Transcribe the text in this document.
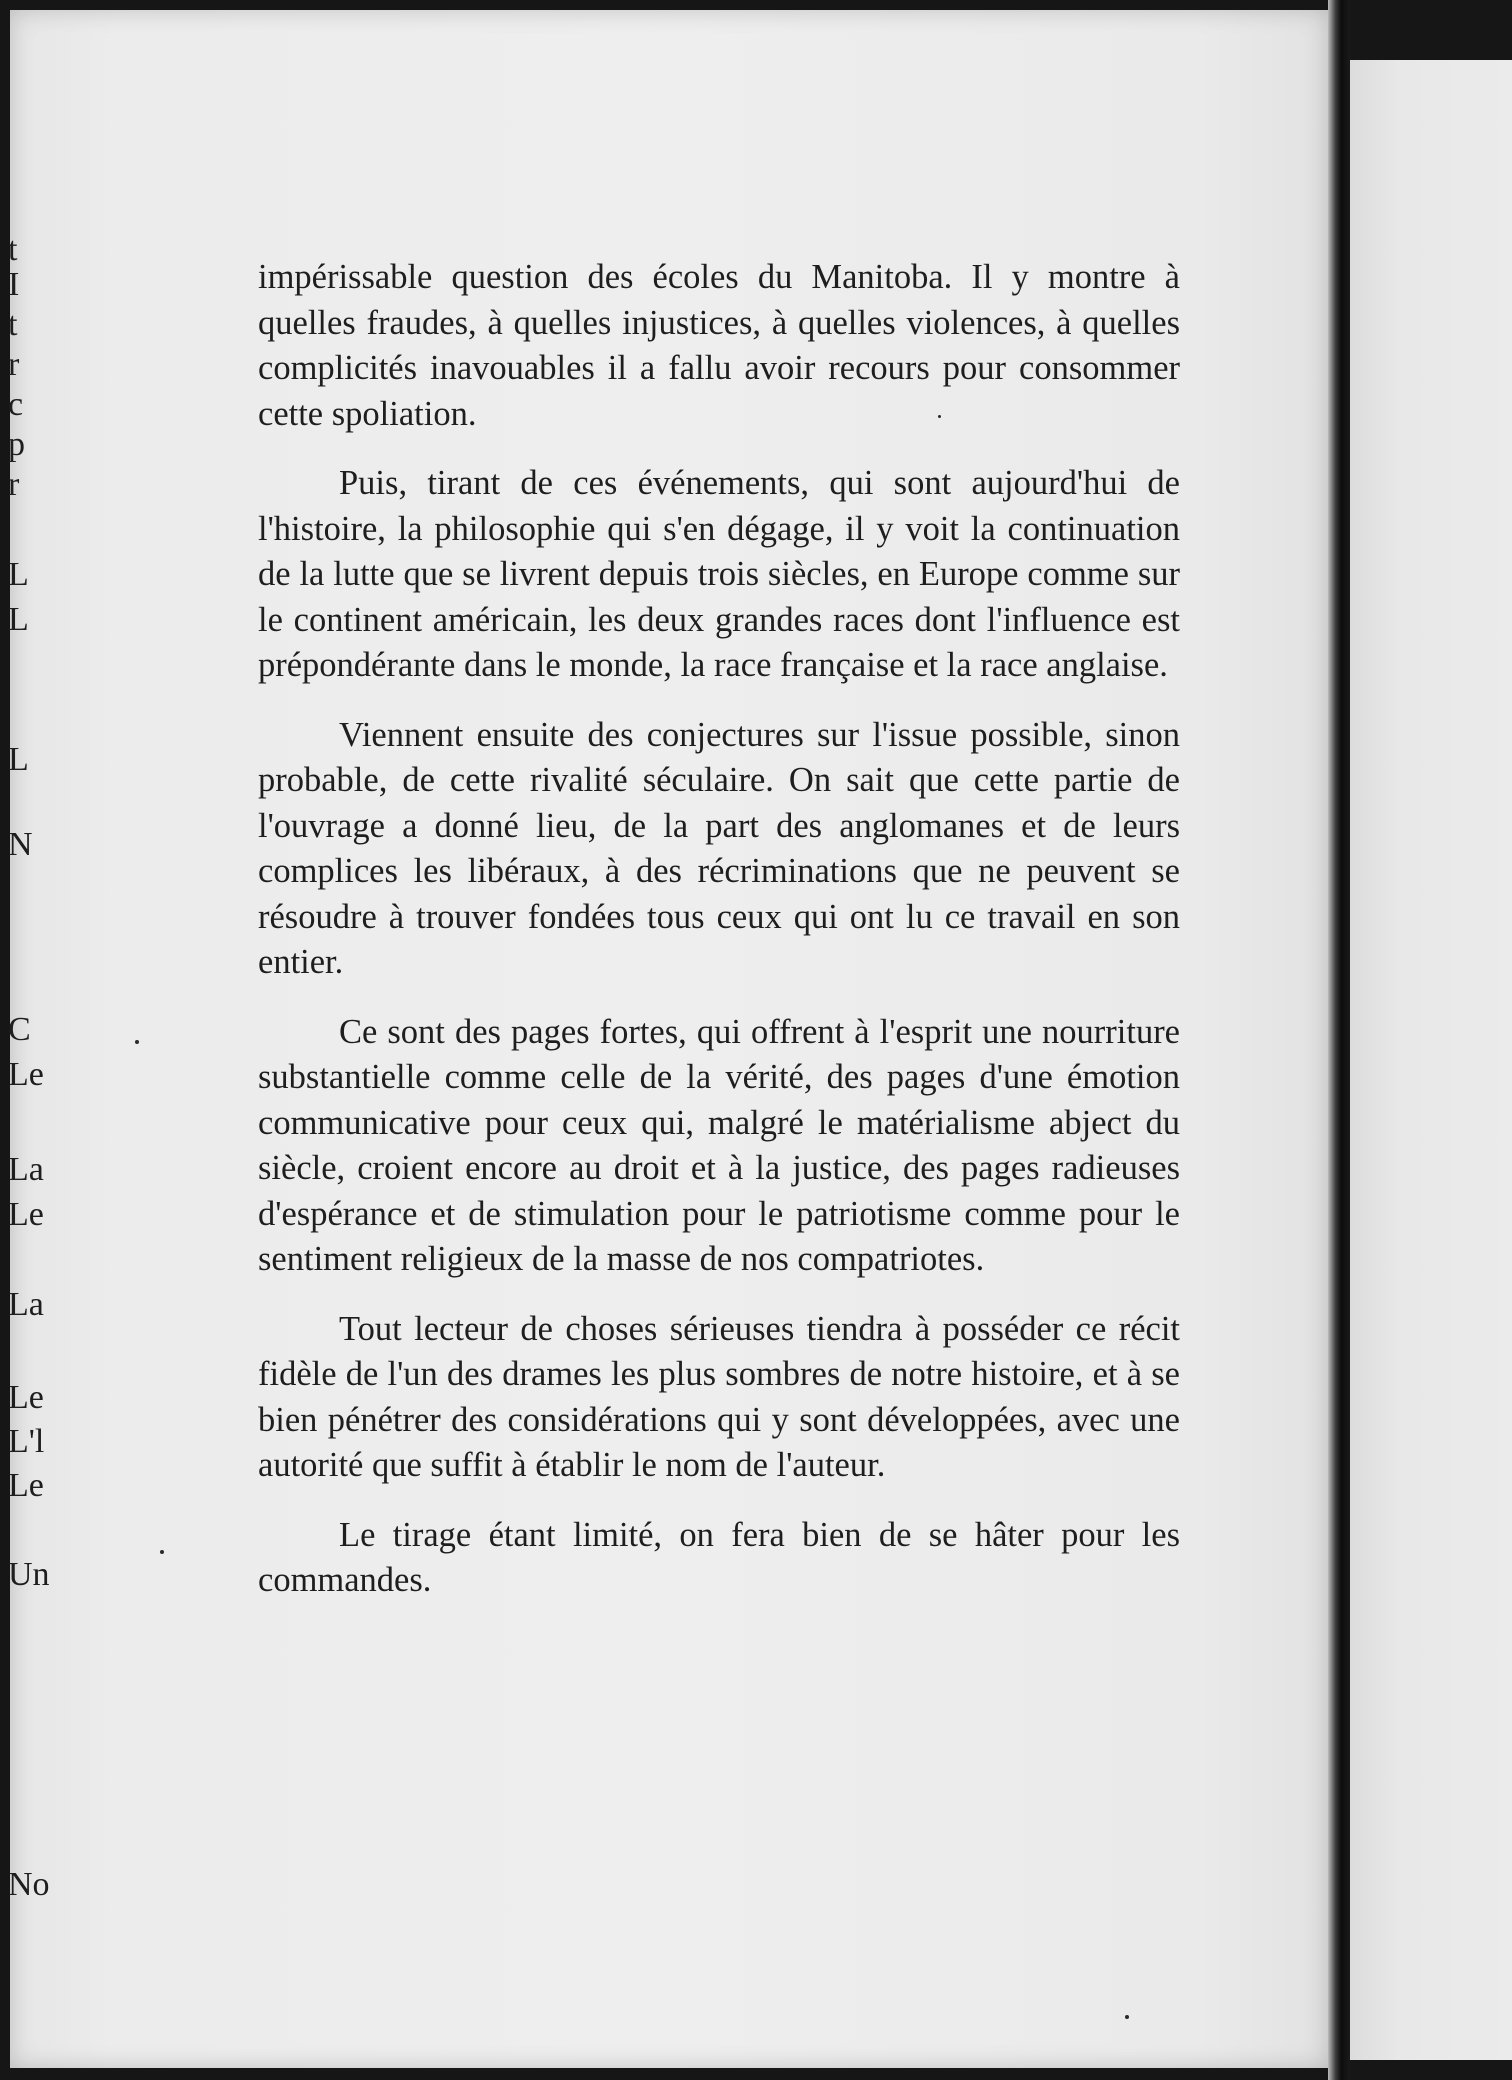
impérissable question des écoles du Manitoba. Il y montre à quelles fraudes, à quelles injustices, à quelles violences, à quelles complicités inavouables il a fallu avoir recours pour consommer cette spoliation.

Puis, tirant de ces événements, qui sont aujourd'hui de l'histoire, la philosophie qui s'en dégage, il y voit la continuation de la lutte que se livrent depuis trois siècles, en Europe comme sur le continent américain, les deux grandes races dont l'influence est prépondérante dans le monde, la race française et la race anglaise.

Viennent ensuite des conjectures sur l'issue possible, sinon probable, de cette rivalité séculaire. On sait que cette partie de l'ouvrage a donné lieu, de la part des anglomanes et de leurs complices les libéraux, à des récriminations que ne peuvent se résoudre à trouver fondées tous ceux qui ont lu ce travail en son entier.

Ce sont des pages fortes, qui offrent à l'esprit une nourriture substantielle comme celle de la vérité, des pages d'une émotion communicative pour ceux qui, malgré le matérialisme abject du siècle, croient encore au droit et à la justice, des pages radieuses d'espérance et de stimulation pour le patriotisme comme pour le sentiment religieux de la masse de nos compatriotes.

Tout lecteur de choses sérieuses tiendra à posséder ce récit fidèle de l'un des drames les plus sombres de notre histoire, et à se bien pénétrer des considérations qui y sont développées, avec une autorité que suffit à établir le nom de l'auteur.

Le tirage étant limité, on fera bien de se hâter pour les commandes.

t
I
t
r
c
p
r
L
L
L
N
C
Le
La
Le
La
Le
L'l
Le
Un
No
